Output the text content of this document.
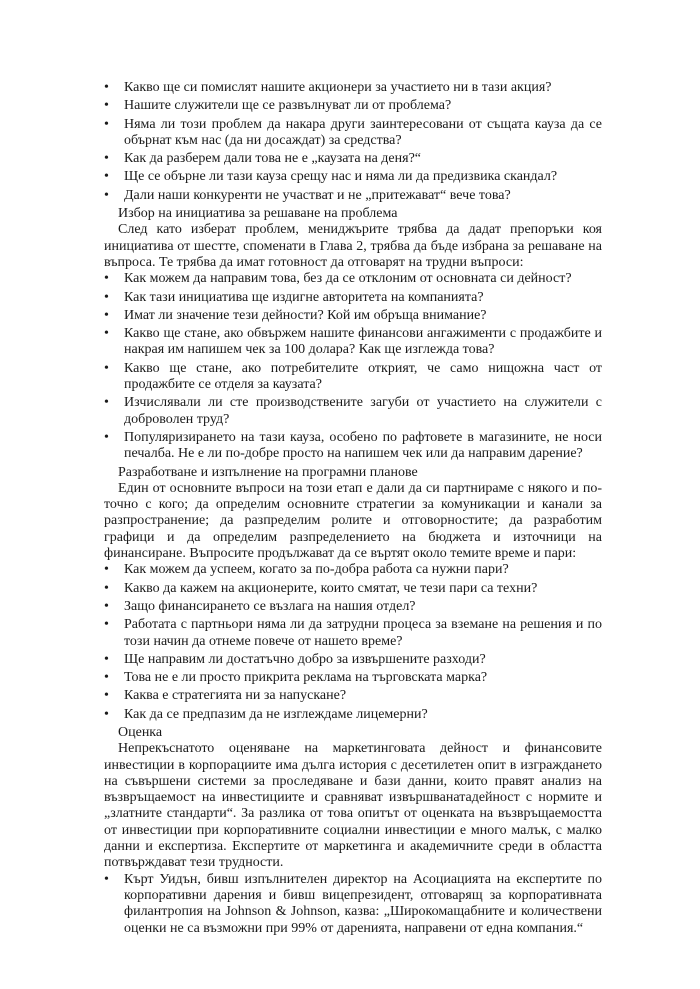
• Какво ще си помислят нашите акционери за участието ни в тази акция?
• Нашите служители ще се развълнуват ли от проблема?
• Няма ли този проблем да накара други заинтересовани от същата кауза да се обърнат към нас (да ни досаждат) за средства?
• Как да разберем дали това не е „каузата на деня?“
• Ще се обърне ли тази кауза срещу нас и няма ли да предизвика скандал?
• Дали наши конкуренти не участват и не „притежават“ вече това?

Избор на инициатива за решаване на проблема

След като изберат проблем, мениджърите трябва да дадат препоръки коя инициатива от шестте, споменати в Глава 2, трябва да бъде избрана за решаване на въпроса. Те трябва да имат готовност да отговарят на трудни въпроси:

• Как можем да направим това, без да се отклоним от основната си дейност?
• Как тази инициатива ще издигне авторитета на компанията?
• Имат ли значение тези дейности? Кой им обръща внимание?
• Какво ще стане, ако обвържем нашите финансови ангажименти с продажбите и накрая им напишем чек за 100 долара? Как ще изглежда това?
• Какво ще стане, ако потребителите открият, че само нищожна част от продажбите се отделя за каузата?
• Изчислявали ли сте производствените загуби от участието на служители с доброволен труд?
• Популяризирането на тази кауза, особено по рафтовете в магазините, не носи печалба. Не е ли по-добре просто на напишем чек или да направим дарение?

Разработване и изпълнение на програмни планове

Един от основните въпроси на този етап е дали да си партнираме с някого и по-точно с кого; да определим основните стратегии за комуникации и канали за разпространение; да разпределим ролите и отговорностите; да разработим графици и да определим разпределението на бюджета и източници на финансиране. Въпросите продължават да се въртят около темите време и пари:

• Как можем да успеем, когато за по-добра работа са нужни пари?
• Какво да кажем на акционерите, които смятат, че тези пари са техни?
• Защо финансирането се възлага на нашия отдел?
• Работата с партньори няма ли да затрудни процеса за вземане на решения и по този начин да отнеме повече от нашето време?
• Ще направим ли достатъчно добро за извършените разходи?
• Това не е ли просто прикрита реклама на търговската марка?
• Каква е стратегията ни за напускане?
• Как да се предпазим да не изглеждаме лицемерни?

Оценка

Непрекъснатото оценяване на маркетинговата дейност и финансовите инвестиции в корпорациите има дълга история с десетилетен опит в изграждането на съвършени системи за проследяване и бази данни, които правят анализ на възвръщаемост на инвестициите и сравняват извършванатадейност с нормите и „златните стандарти“. За разлика от това опитът от оценката на възвръщаемостта от инвестиции при корпоративните социални инвестиции е много малък, с малко данни и експертиза. Експертите от маркетинга и академичните среди в областта потвърждават тези трудности.

• Кърт Уидън, бивш изпълнителен директор на Асоциацията на експертите по корпоративни дарения и бивш вицепрезидент, отговарящ за корпоративната филантропия на Johnson & Johnson, казва: „Широкомащабните и количествени оценки не са възможни при 99% от даренията, направени от една компания.“
